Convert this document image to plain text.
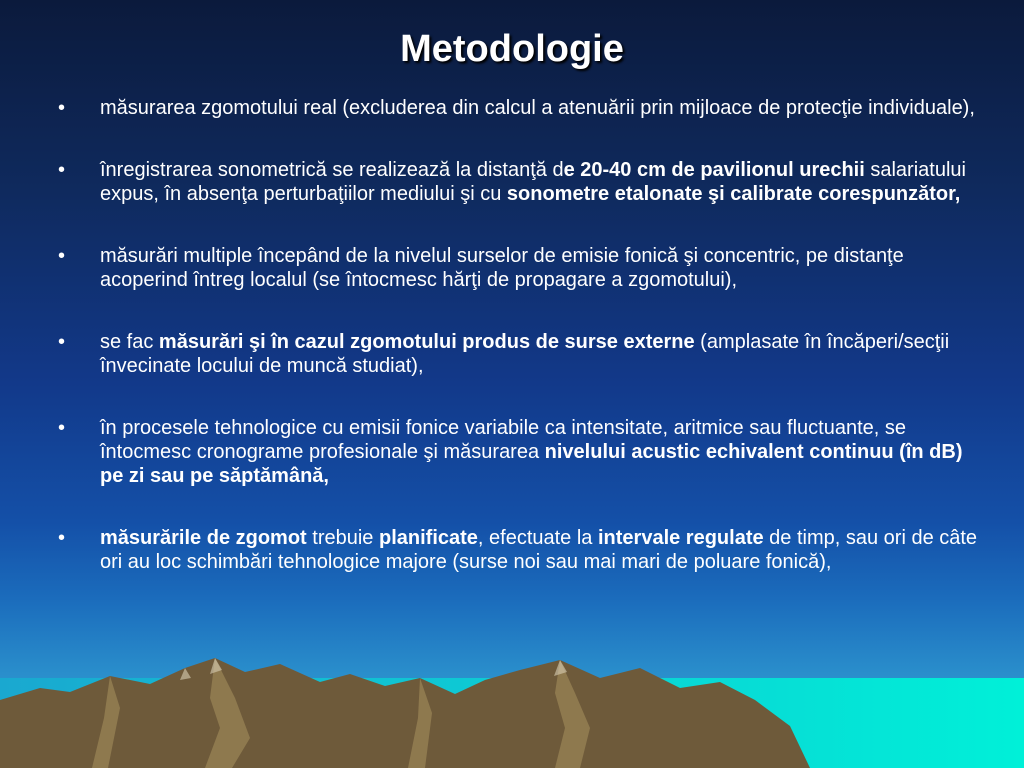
Metodologie
• măsurarea zgomotului real (excluderea din calcul a atenuării prin mijloace de protecţie individuale),
• înregistrarea sonometrică se realizează la distanţă de 20-40 cm de pavilionul urechii salariatului expus, în absenţa perturbaţiilor mediului şi cu sonometre etalonate şi calibrate corespunzător,
• măsurări multiple începând de la nivelul surselor de emisie fonică şi concentric, pe distanţe acoperind întreg localul (se întocmesc hărţi de propagare a zgomotului),
• se fac măsurări şi în cazul zgomotului produs de surse externe (amplasate în încăperi/secţii învecinate locului de muncă studiat),
• în procesele tehnologice cu emisii fonice variabile ca intensitate, aritmice sau fluctuante, se întocmesc cronograme profesionale şi măsurarea nivelului acustic echivalent continuu (în dB) pe zi sau pe săptămână,
• măsurările de zgomot trebuie planificate, efectuate la intervale regulate de timp, sau ori de câte ori au loc schimbări tehnologice majore (surse noi sau mai mari de poluare fonică),
